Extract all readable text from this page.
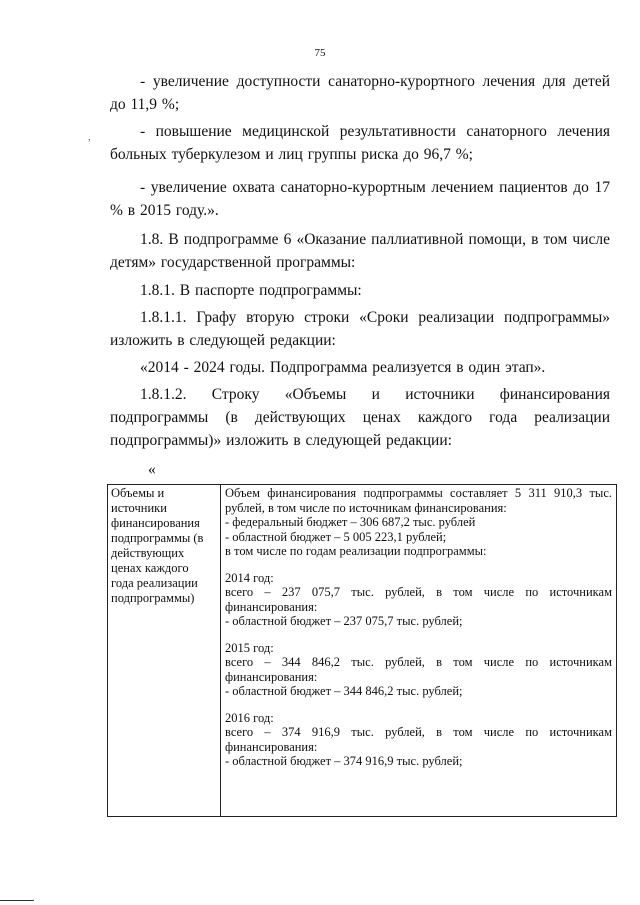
75

- увеличение доступности санаторно-курортного лечения для детей до 11,9 %;

- повышение медицинской результативности санаторного лечения больных туберкулезом и лиц группы риска до 96,7 %;

,

- увеличение охвата санаторно-курортным лечением пациентов до 17 % в 2015 году.».

1.8. В подпрограмме 6 «Оказание паллиативной помощи, в том числе детям» государственной программы:

1.8.1. В паспорте подпрограммы:

1.8.1.1. Графу вторую строки «Сроки реализации подпрограммы» изложить в следующей редакции:

«2014 - 2024 годы. Подпрограмма реализуется в один этап».

1.8.1.2. Строку «Объемы и источники финансирования подпрограммы (в действующих ценах каждого года реализации подпрограммы)» изложить в следующей редакции:

«
Объемы и
источники
финансирования
подпрограммы (в
действующих
ценах каждого
года реализации
подпрограммы)
Объем финансирования подпрограммы составляет 5 311 910,3 тыс. рублей, в том числе по источникам финансирования:
- федеральный бюджет – 306 687,2 тыс. рублей
- областной бюджет – 5 005 223,1 рублей;
в том числе по годам реализации подпрограммы:
2014 год:
всего – 237 075,7 тыс. рублей, в том числе по источникам финансирования:
- областной бюджет – 237 075,7 тыс. рублей;
2015 год:
всего – 344 846,2 тыс. рублей, в том числе по источникам финансирования:
- областной бюджет – 344 846,2 тыс. рублей;
2016 год:
всего – 374 916,9 тыс. рублей, в том числе по источникам финансирования:
- областной бюджет – 374 916,9 тыс. рублей;
